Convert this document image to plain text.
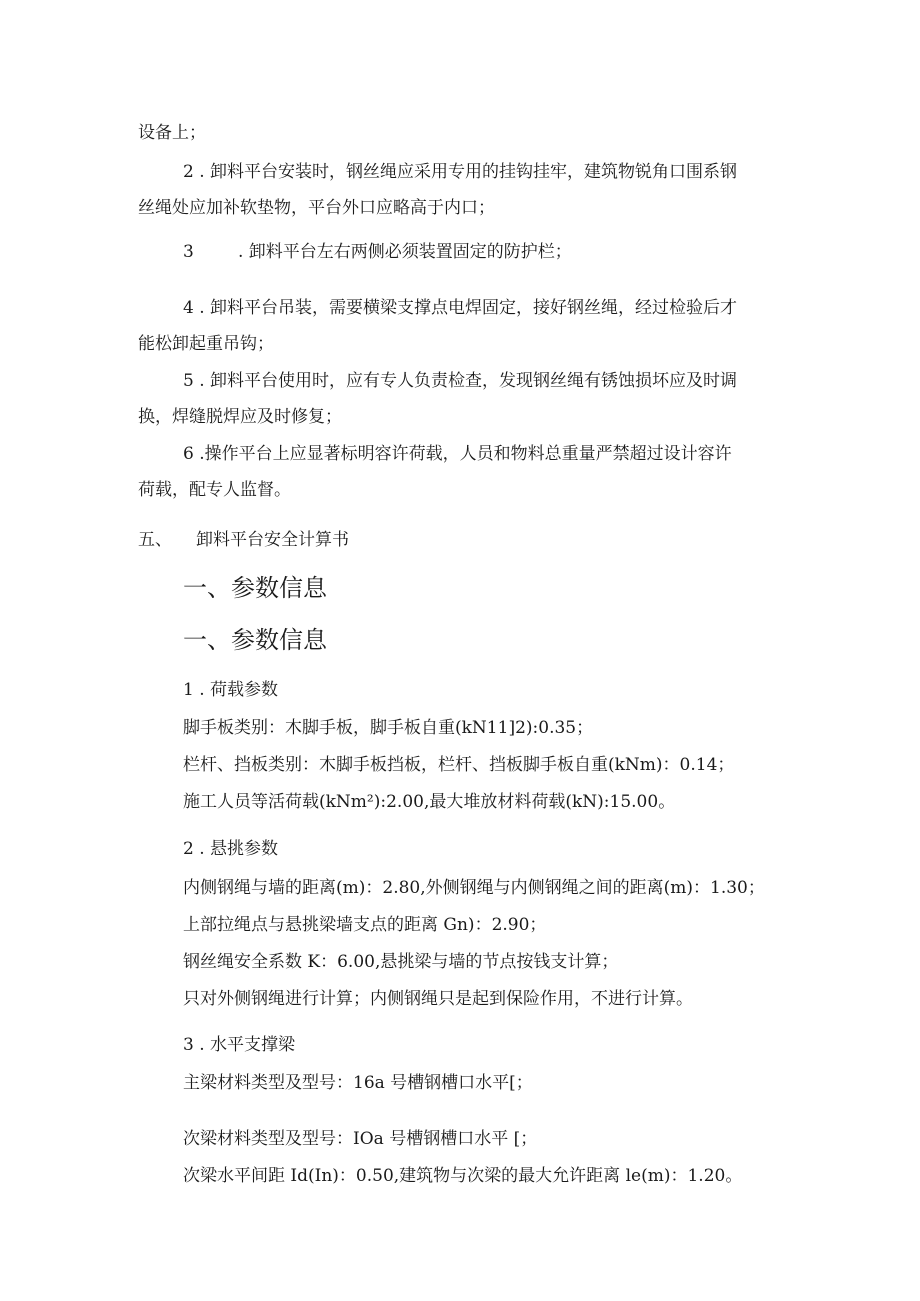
设备上；
2 . 卸料平台安装时，钢丝绳应采用专用的挂钩挂牢，建筑物锐角口围系钢
丝绳处应加补软垫物，平台外口应略高于内口；
3	. 卸料平台左右两侧必须装置固定的防护栏；
4 . 卸料平台吊装，需要横梁支撑点电焊固定，接好钢丝绳，经过检验后才
能松卸起重吊钩；
5 . 卸料平台使用时，应有专人负责检查，发现钢丝绳有锈蚀损坏应及时调
换，焊缝脱焊应及时修复；
6 .操作平台上应显著标明容许荷载，人员和物料总重量严禁超过设计容许
荷载，配专人监督。
五、 卸料平台安全计算书
一、参数信息
一、参数信息
1 . 荷载参数
脚手板类别：木脚手板，脚手板自重(kN11]2):0.35；
栏杆、挡板类别：木脚手板挡板，栏杆、挡板脚手板自重(kNm)：0.14；
施工人员等活荷载(kNm²):2.00,最大堆放材料荷载(kN):15.00。
2 . 悬挑参数
内侧钢绳与墙的距离(m)：2.80,外侧钢绳与内侧钢绳之间的距离(m)：1.30；
上部拉绳点与悬挑梁墙支点的距离 Gn)：2.90；
钢丝绳安全系数 K：6.00,悬挑梁与墙的节点按钱支计算；
只对外侧钢绳进行计算；内侧钢绳只是起到保险作用，不进行计算。
3 . 水平支撑梁
主梁材料类型及型号：16a 号槽钢槽口水平[；
次梁材料类型及型号：IOa 号槽钢槽口水平 [；
次梁水平间距 Id(In)：0.50,建筑物与次梁的最大允许距离 le(m)：1.20。
